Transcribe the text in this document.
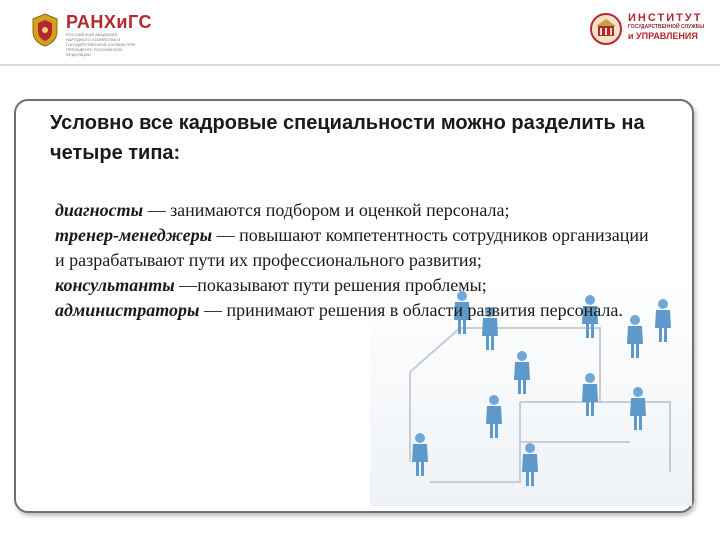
РАНХиГС
РОССИЙСКАЯ АКАДЕМИЯ НАРОДНОГО ХОЗЯЙСТВА И ГОСУДАРСТВЕННОЙ СЛУЖБЫ ПРИ ПРЕЗИДЕНТЕ РОССИЙСКОЙ ФЕДЕРАЦИИ
ИНСТИТУТ
ГОСУДАРСТВЕННОЙ СЛУЖБЫ
и УПРАВЛЕНИЯ
Условно все кадровые специальности можно разделить на четыре типа:

диагносты — занимаются подбором и оценкой персонала;

тренер-менеджеры — повышают компетентность сотрудников организации и разрабатывают пути их профессионального развития;

консультанты —показывают пути решения проблемы;

администраторы — принимают решения в области развития персонала.
